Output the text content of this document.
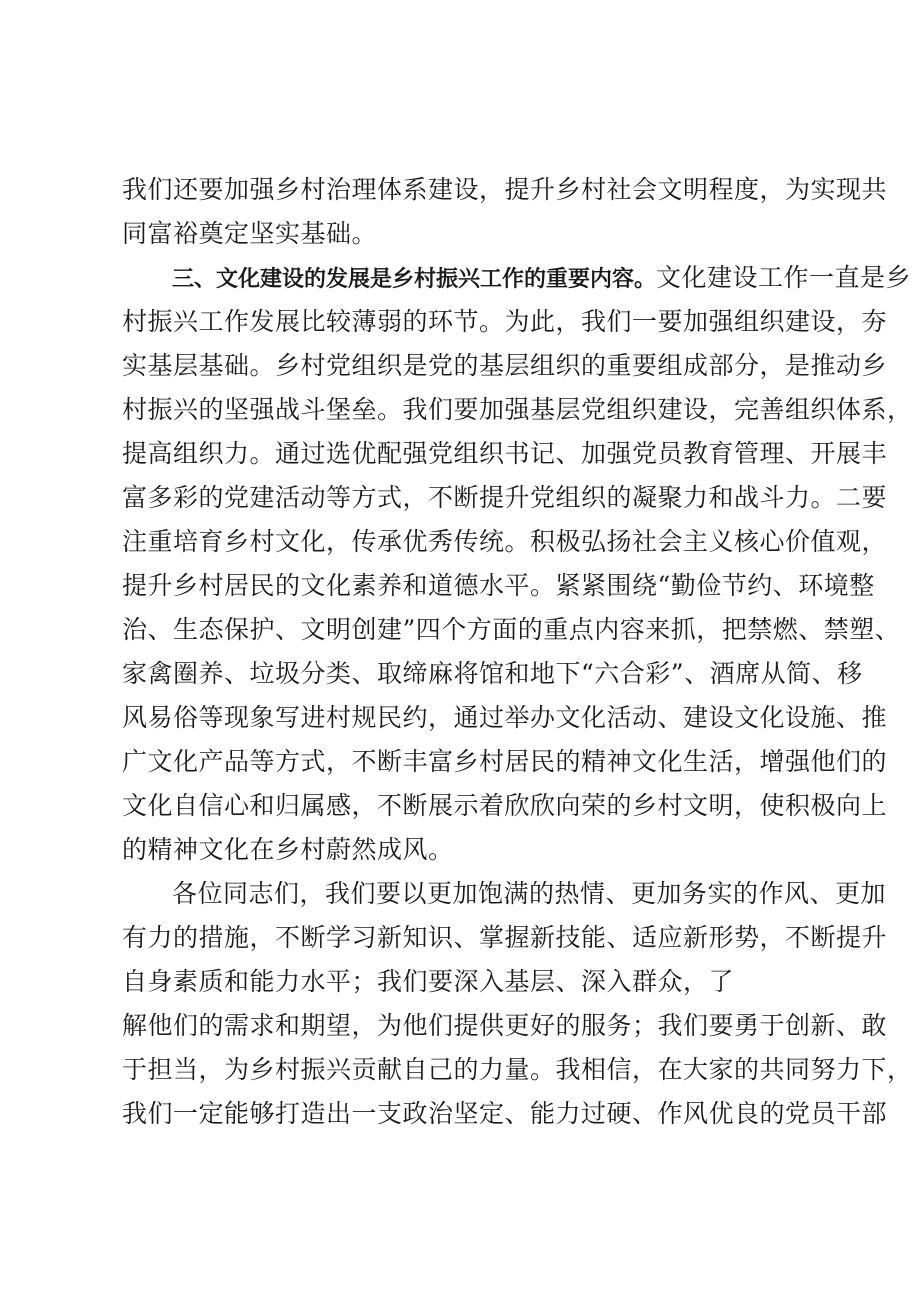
我们还要加强乡村治理体系建设，提升乡村社会文明程度，为实现共
同富裕奠定坚实基础。
三、文化建设的发展是乡村振兴工作的重要内容。文化建设工作一直是乡
村振兴工作发展比较薄弱的环节。为此，我们一要加强组织建设，夯
实基层基础。乡村党组织是党的基层组织的重要组成部分，是推动乡
村振兴的坚强战斗堡垒。我们要加强基层党组织建设，完善组织体系，
提高组织力。通过选优配强党组织书记、加强党员教育管理、开展丰
富多彩的党建活动等方式，不断提升党组织的凝聚力和战斗力。二要
注重培育乡村文化，传承优秀传统。积极弘扬社会主义核心价值观，
提升乡村居民的文化素养和道德水平。紧紧围绕“勤俭节约、环境整
治、生态保护、文明创建”四个方面的重点内容来抓，把禁燃、禁塑、
家禽圈养、垃圾分类、取缔麻将馆和地下“六合彩”、酒席从简、移
风易俗等现象写进村规民约，通过举办文化活动、建设文化设施、推
广文化产品等方式，不断丰富乡村居民的精神文化生活，增强他们的
文化自信心和归属感，不断展示着欣欣向荣的乡村文明，使积极向上
的精神文化在乡村蔚然成风。
各位同志们，我们要以更加饱满的热情、更加务实的作风、更加
有力的措施，不断学习新知识、掌握新技能、适应新形势，不断提升
自身素质和能力水平；我们要深入基层、深入群众，了
解他们的需求和期望，为他们提供更好的服务；我们要勇于创新、敢
于担当，为乡村振兴贡献自己的力量。我相信，在大家的共同努力下，
我们一定能够打造出一支政治坚定、能力过硬、作风优良的党员干部
